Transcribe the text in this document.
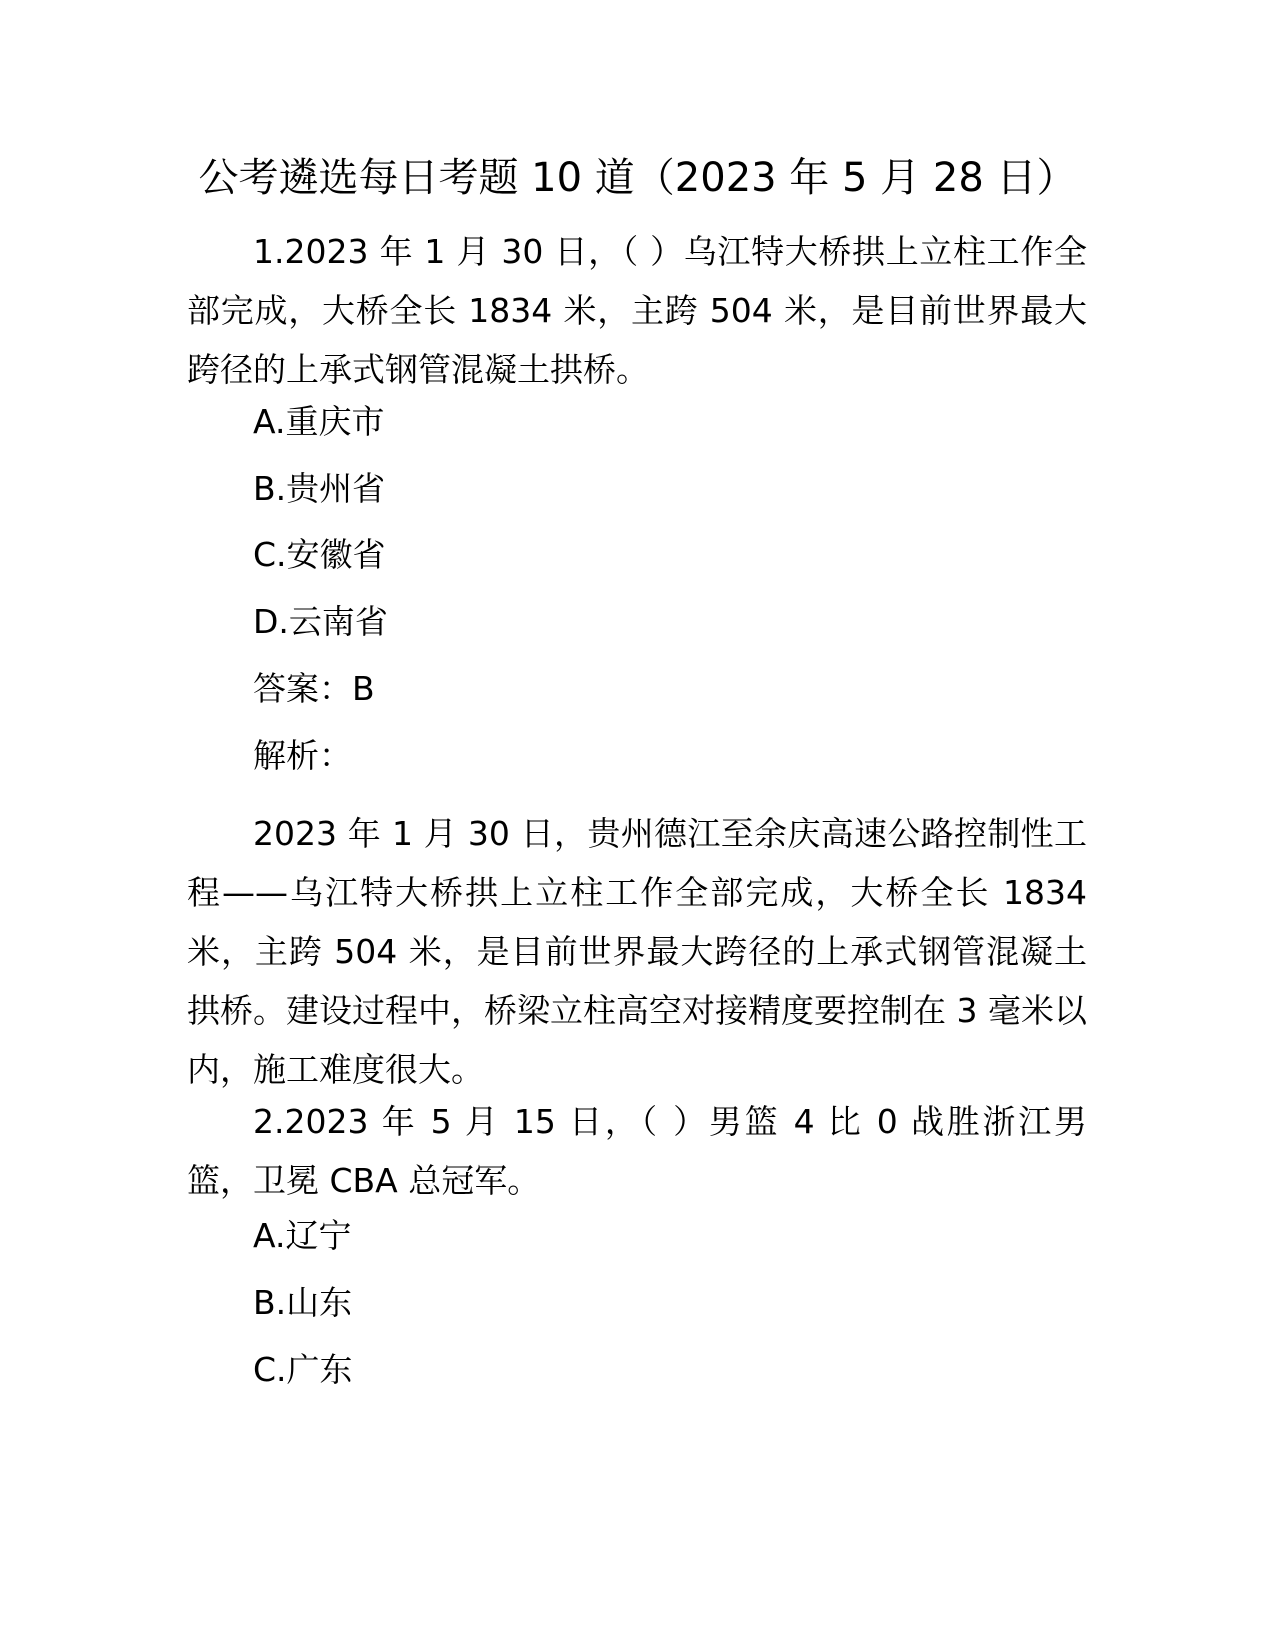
公考遴选每日考题 10 道（2023 年 5 月 28 日）
1.2023 年 1 月 30 日，（ ）乌江特大桥拱上立柱工作全部完成，大桥全长 1834 米，主跨 504 米，是目前世界最大跨径的上承式钢管混凝土拱桥。
A.重庆市
B.贵州省
C.安徽省
D.云南省
答案：B
解析：
2023 年 1 月 30 日，贵州德江至余庆高速公路控制性工程——乌江特大桥拱上立柱工作全部完成，大桥全长 1834 米，主跨 504 米，是目前世界最大跨径的上承式钢管混凝土拱桥。建设过程中，桥梁立柱高空对接精度要控制在 3 毫米以内，施工难度很大。
2.2023 年 5 月 15 日，（ ）男篮 4 比 0 战胜浙江男篮，卫冕 CBA 总冠军。
A.辽宁
B.山东
C.广东
